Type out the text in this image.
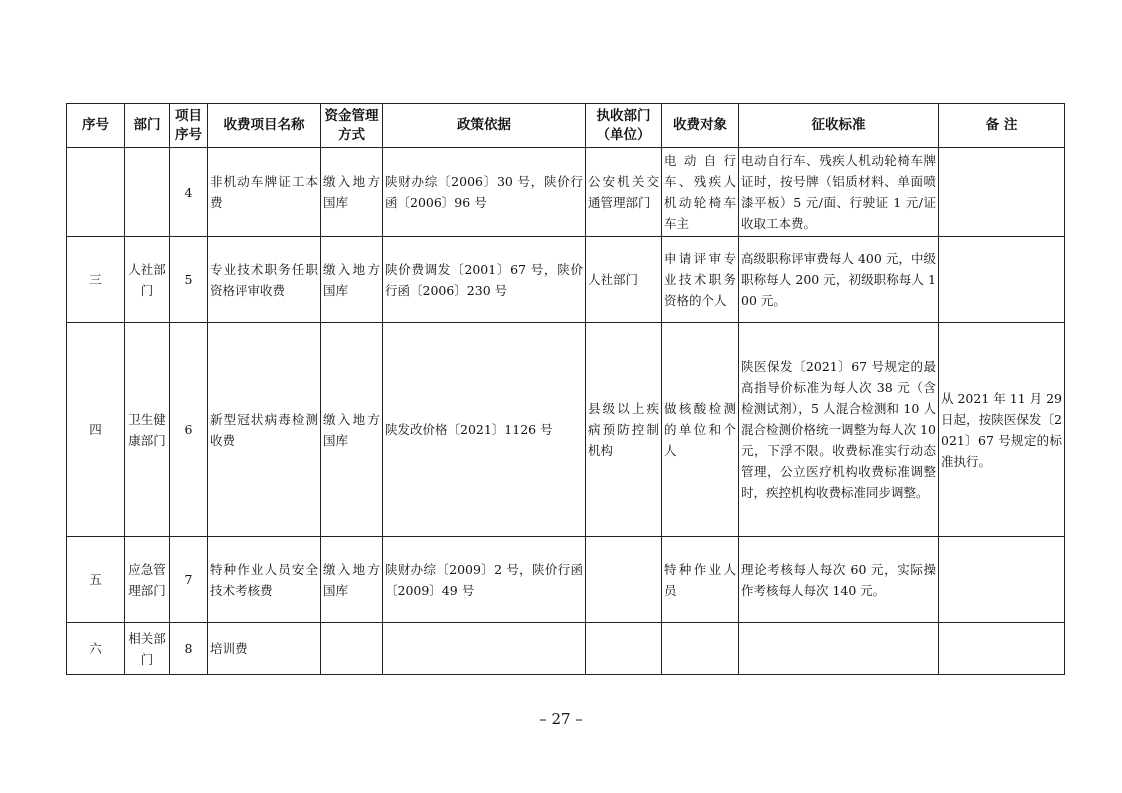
序号	部门	项目序号	收费项目名称	资金管理方式	政策依据	执收部门（单位）	收费对象	征收标准	备 注
		4	非机动车牌证工本费	缴入地方国库	陕财办综〔2006〕30 号，陕价行函〔2006〕96 号	公安机关交通管理部门	电动自行车、残疾人机动轮椅车车主	电动自行车、残疾人机动轮椅车牌证时，按号牌（铝质材料、单面喷漆平板）5 元/面、行驶证 1 元/证收取工本费。	
三	人社部门	5	专业技术职务任职资格评审收费	缴入地方国库	陕价费调发〔2001〕67 号，陕价行函〔2006〕230 号	人社部门	申请评审专业技术职务资格的个人	高级职称评审费每人 400 元，中级职称每人 200 元，初级职称每人 100 元。	
四	卫生健康部门	6	新型冠状病毒检测收费	缴入地方国库	陕发改价格〔2021〕1126 号	县级以上疾病预防控制机构	做核酸检测的单位和个人	陕医保发〔2021〕67 号规定的最高指导价标准为每人次 38 元（含检测试剂），5 人混合检测和 10 人混合检测价格统一调整为每人次 10 元，下浮不限。收费标准实行动态管理，公立医疗机构收费标准调整时，疾控机构收费标准同步调整。	从 2021 年 11 月 29 日起，按陕医保发〔2021〕67 号规定的标准执行。
五	应急管理部门	7	特种作业人员安全技术考核费	缴入地方国库	陕财办综〔2009〕2 号，陕价行函〔2009〕49 号		特种作业人员	理论考核每人每次 60 元，实际操作考核每人每次 140 元。	
六	相关部门	8	培训费						
– 27 –
